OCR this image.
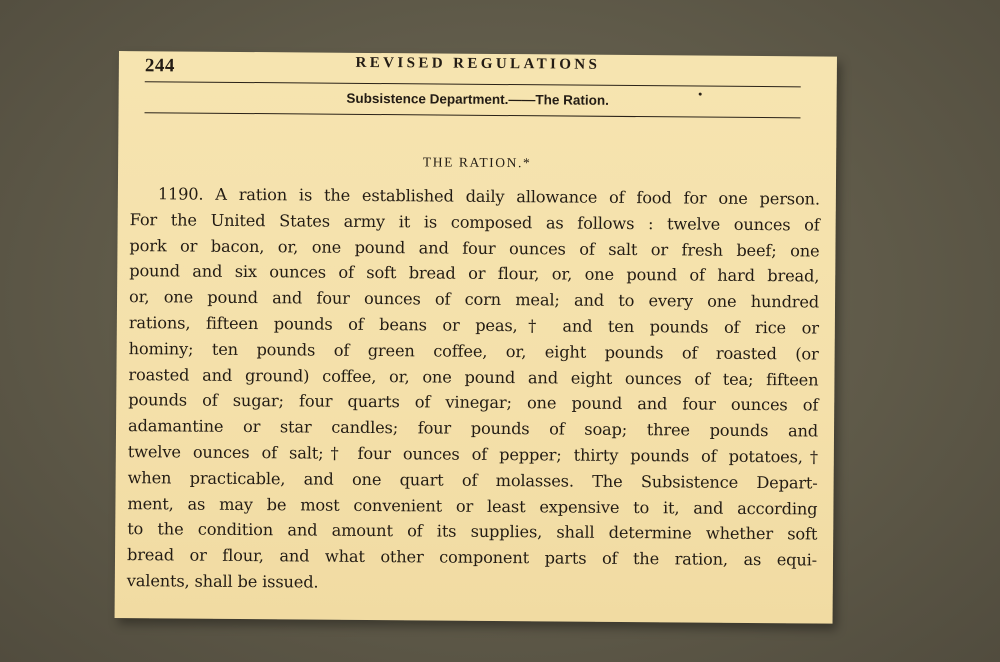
244	REVISED REGULATIONS
Subsistence Department.——The Ration.
THE RATION.*
1190. A ration is the established daily allowance of food for one person.
For the United States army it is composed as follows : twelve ounces of
pork or bacon, or, one pound and four ounces of salt or fresh beef; one
pound and six ounces of soft bread or flour, or, one pound of hard bread,
or, one pound and four ounces of corn meal; and to every one hundred
rations, fifteen pounds of beans or peas,† and ten pounds of rice or
hominy; ten pounds of green coffee, or, eight pounds of roasted (or
roasted and ground) coffee, or, one pound and eight ounces of tea; fifteen
pounds of sugar; four quarts of vinegar; one pound and four ounces of
adamantine or star candles; four pounds of soap; three pounds and
twelve ounces of salt;† four ounces of pepper; thirty pounds of potatoes,†
when practicable, and one quart of molasses. The Subsistence Depart-
ment, as may be most convenient or least expensive to it, and according
to the condition and amount of its supplies, shall determine whether soft
bread or flour, and what other component parts of the ration, as equi-
valents, shall be issued.
